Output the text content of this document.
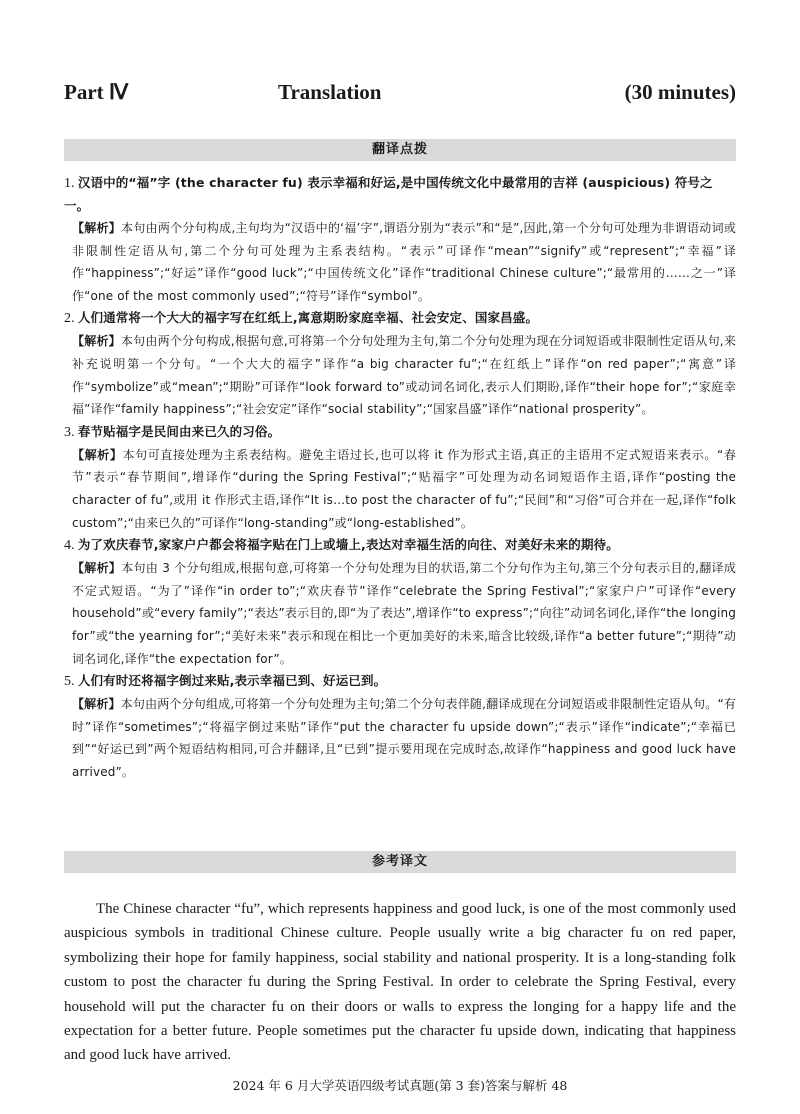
Part Ⅳ	Translation	(30 minutes)
翻译点拨
1. 汉语中的“福”字 (the character fu) 表示幸福和好运,是中国传统文化中最常用的吉祥 (auspicious) 符号之一。
【解析】本句由两个分句构成,主句均为“汉语中的‘福’字”,谓语分别为“表示”和“是”,因此,第一个分句可处理为非谓语动词或非限制性定语从句,第二个分句可处理为主系表结构。“表示”可译作“mean”“signify”或“represent”;“幸福”译作“happiness”;“好运”译作“good luck”;“中国传统文化”译作“traditional Chinese culture”;“最常用的……之一”译作“one of the most commonly used”;“符号”译作“symbol”。
2. 人们通常将一个大大的福字写在红纸上,寓意期盼家庭幸福、社会安定、国家昌盛。
【解析】本句由两个分句构成,根据句意,可将第一个分句处理为主句,第二个分句处理为现在分词短语或非限制性定语从句,来补充说明第一个分句。“一个大大的福字”译作“a big character fu”;“在红纸上”译作“on red paper”;“寓意”译作“symbolize”或“mean”;“期盼”可译作“look forward to”或动词名词化,表示人们期盼,译作“their hope for”;“家庭幸福”译作“family happiness”;“社会安定”译作“social stability”;“国家昌盛”译作“national prosperity”。
3. 春节贴福字是民间由来已久的习俗。
【解析】本句可直接处理为主系表结构。避免主语过长,也可以将 it 作为形式主语,真正的主语用不定式短语来表示。“春节”表示“春节期间”,增译作“during the Spring Festival”;“贴福字”可处理为动名词短语作主语,译作“posting the character of fu”,或用 it 作形式主语,译作“It is…to post the character of fu”;“民间”和“习俗”可合并在一起,译作“folk custom”;“由来已久的”可译作“long-standing”或“long-established”。
4. 为了欢庆春节,家家户户都会将福字贴在门上或墙上,表达对幸福生活的向往、对美好未来的期待。
【解析】本句由 3 个分句组成,根据句意,可将第一个分句处理为目的状语,第二个分句作为主句,第三个分句表示目的,翻译成不定式短语。“为了”译作“in order to”;“欢庆春节”译作“celebrate the Spring Festival”;“家家户户”可译作“every household”或“every family”;“表达”表示目的,即“为了表达”,增译作“to express”;“向往”动词名词化,译作“the longing for”或“the yearning for”;“美好未来”表示和现在相比一个更加美好的未来,暗含比较级,译作“a better future”;“期待”动词名词化,译作“the expectation for”。
5. 人们有时还将福字倒过来贴,表示幸福已到、好运已到。
【解析】本句由两个分句组成,可将第一个分句处理为主句;第二个分句表伴随,翻译成现在分词短语或非限制性定语从句。“有时”译作“sometimes”;“将福字倒过来贴”译作“put the character fu upside down”;“表示”译作“indicate”;“幸福已到”“好运已到”两个短语结构相同,可合并翻译,且“已到”提示要用现在完成时态,故译作“happiness and good luck have arrived”。
参考译文

The Chinese character “fu”, which represents happiness and good luck, is one of the most commonly used auspicious symbols in traditional Chinese culture. People usually write a big character fu on red paper, symbolizing their hope for family happiness, social stability and national prosperity. It is a long-standing folk custom to post the character fu during the Spring Festival. In order to celebrate the Spring Festival, every household will put the character fu on their doors or walls to express the longing for a happy life and the expectation for a better future. People sometimes put the character fu upside down, indicating that happiness and good luck have arrived.

2024 年 6 月大学英语四级考试真题(第 3 套)答案与解析 48
